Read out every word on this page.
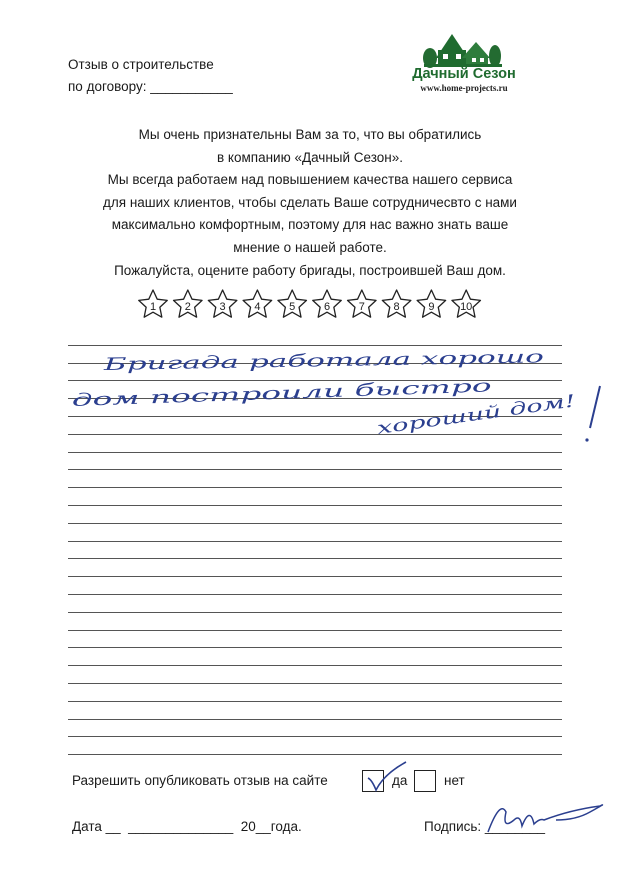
Отзыв о строительстве
по договору: ___________
Дачный Сезон
www.home-projects.ru
Мы очень признательны Вам за то, что вы обратились
в компанию «Дачный Сезон».
Мы всегда работаем над повышением качества нашего сервиса
для наших клиентов, чтобы сделать Ваше сотрудничесвто с нами
максимально комфортным, поэтому для нас важно знать ваше
мнение о нашей работе.
Пожалуйста, оцените работу бригады, построившей Ваш дом.
1	2	3	4	5	6	7	8	9 10
Бригада работала хорошо
дом построили быстро
хороший дом!
Разрешить опубликовать отзыв на сайте	да	нет
Дата __  ______________  20__года.	Подпись: ________
